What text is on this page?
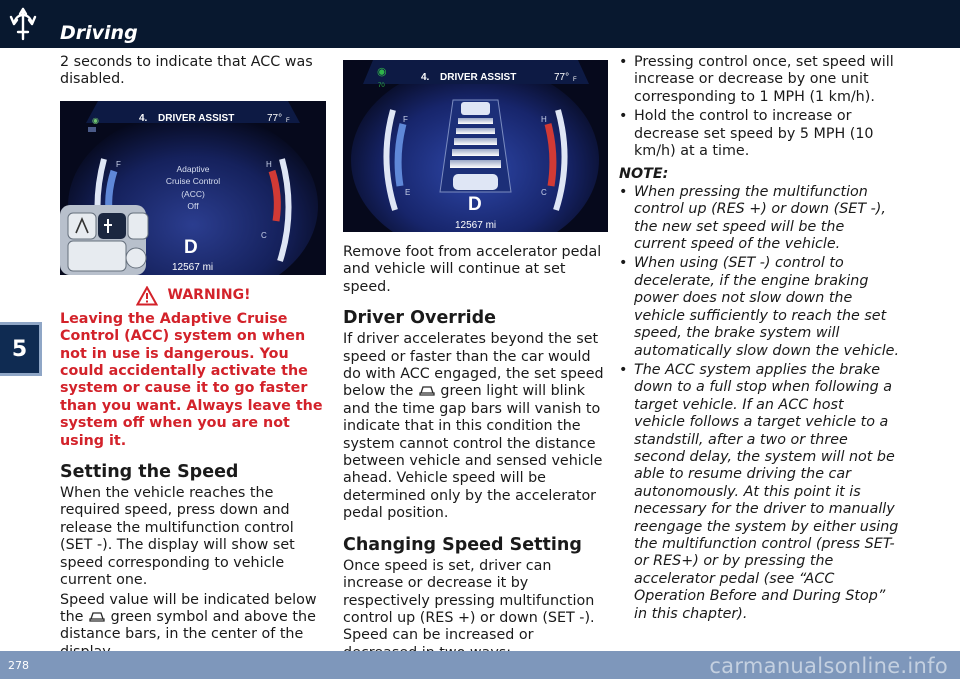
Driving
5
2 seconds to indicate that ACC was disabled.
◉	4. DRIVER ASSIST	77° F
F	H
C
Adaptive
Cruise Control
(ACC)
Off
D
12567 mi
WARNING!
Leaving the Adaptive Cruise Control (ACC) system on when not in use is dangerous. You could accidentally activate the system or cause it to go faster than you want. Always leave the system off when you are not using it.
Setting the Speed
When the vehicle reaches the required speed, press down and release the multifunction control (SET -). The display will show set speed corresponding to vehicle current one.
Speed value will be indicated below the green symbol and above the distance bars, in the center of the
◉
70
4. DRIVER ASSIST	77° F
F
E
H
C
D
12567 mi
Remove foot from accelerator pedal and vehicle will continue at set speed.
Driver Override
If driver accelerates beyond the set speed or faster than the car would do with ACC engaged, the set speed below the green light will blink and the time gap bars will vanish to indicate that in this condition the system cannot control the distance between vehicle and sensed vehicle ahead. Vehicle speed will be determined only by the accelerator pedal position.
Changing Speed Setting
Once speed is set, driver can increase or decrease it by respectively pressing multifunction control up (RES +) or down (SET -). Speed can be increased or
• Pressing control once, set speed will increase or decrease by one unit corresponding to 1 MPH (1 km/h).
• Hold the control to increase or decrease set speed by 5 MPH (10 km/h) at a time.
NOTE:
• When pressing the multifunction control up (RES +) or down (SET -), the new set speed will be the current speed of the vehicle.
• When using (SET -) control to decelerate, if the engine braking power does not slow down the vehicle sufficiently to reach the set speed, the brake system will automatically slow down the vehicle.
• The ACC system applies the brake down to a full stop when following a target vehicle. If an ACC host vehicle follows a target vehicle to a standstill, after a two or three second delay, the system will not be able to resume driving the car autonomously. At this point it is necessary for the driver to manually reengage the system by either using the multifunction control (press SET- or RES+) or by pressing the accelerator pedal (see “ACC Operation Before and During Stop” in this chapter).
278	carmanualsonline.info
